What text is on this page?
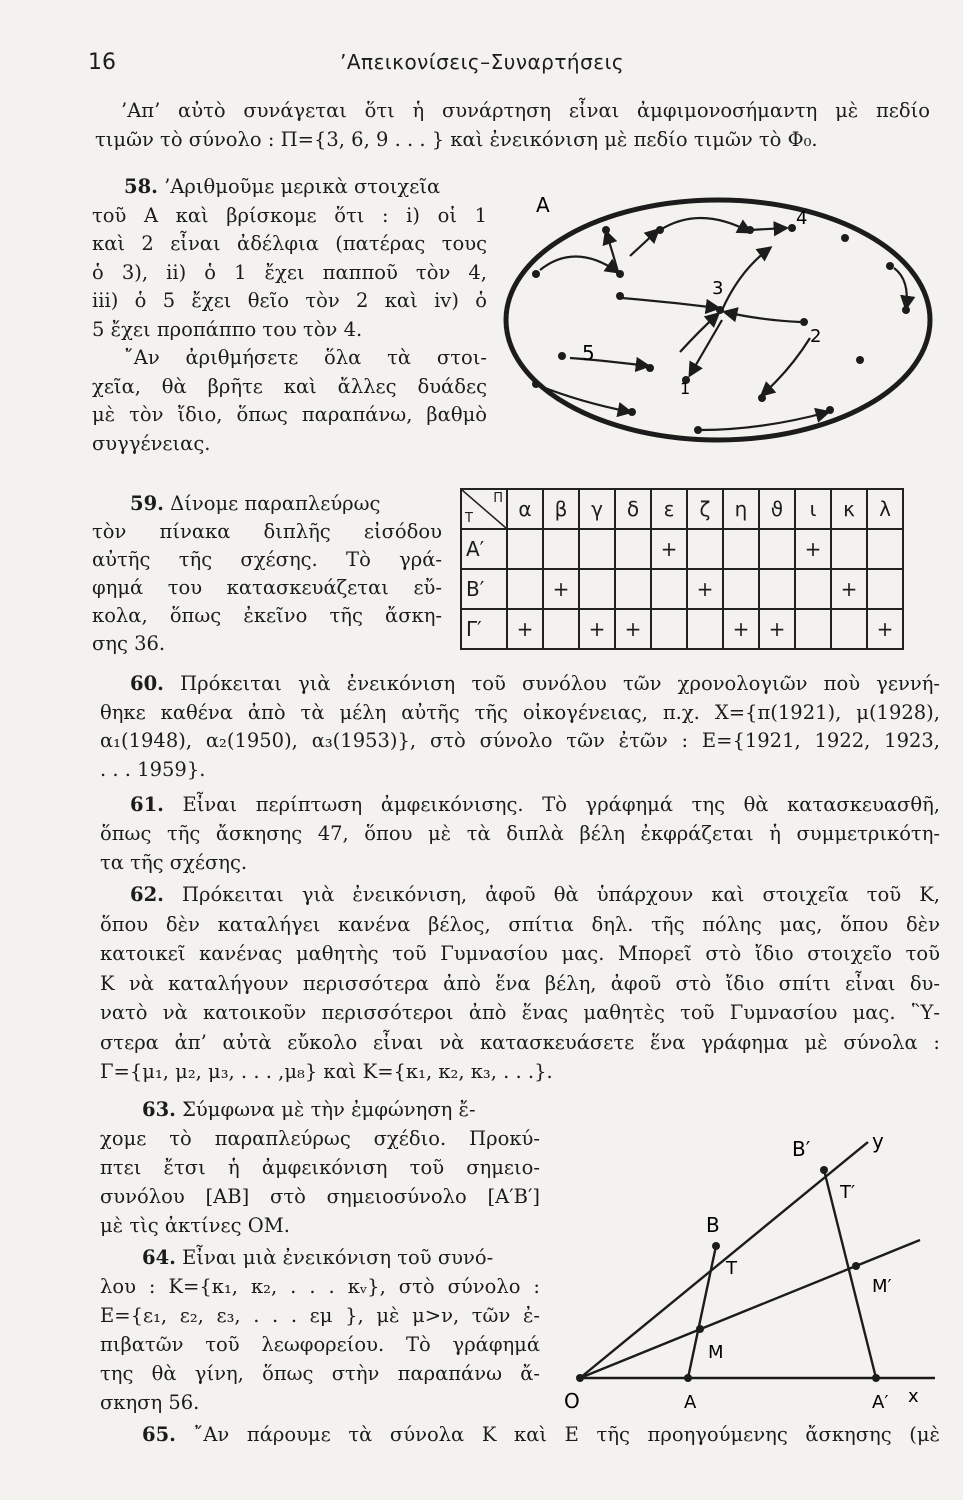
16	’Απεικονίσεις–Συναρτήσεις
’Απ’ αὐτὸ συνάγεται ὅτι ἡ συνάρτηση εἶναι ἀμφιμονοσήμαντη μὲ πεδίο
τιμῶν τὸ σύνολο : Π={3, 6, 9 . . . } καὶ ἐνεικόνιση μὲ πεδίο τιμῶν τὸ Φ₀.
58. ’Αριθμοῦμε μερικὰ στοιχεῖα
τοῦ Α καὶ βρίσκομε ὅτι : i) οἱ 1
καὶ 2 εἶναι ἀδέλφια (πατέρας τους
ὁ 3), ii) ὁ 1 ἔχει παπποῦ τὸν 4,
iii) ὁ 5 ἔχει θεῖο τὸν 2 καὶ iv) ὁ
5 ἔχει προπάππο του τὸν 4.
῎Αν ἀριθμήσετε ὅλα τὰ στοι-
χεῖα, θὰ βρῆτε καὶ ἄλλες δυάδες
μὲ τὸν ἴδιο, ὅπως παραπάνω, βαθμὸ
συγγένειας.
A
4
3
2
5
1
59. Δίνομε παραπλεύρως
τὸν πίνακα διπλῆς εἰσόδου
αὐτῆς τῆς σχέσης. Τὸ γρά-
φημά του κατασκευάζεται εὔ-
κολα, ὅπως ἐκεῖνο τῆς ἄσκη-
σης 36.
Π
Τ	α	β	γ	δ	ε	ζ	η	ϑ	ι	κ	λ
Α′					+				+		
Β′		+				+				+	
Γ′	+		+	+			+	+			+
60. Πρόκειται γιὰ ἐνεικόνιση τοῦ συνόλου τῶν χρονολογιῶν ποὺ γεννή-
θηκε καθένα ἀπὸ τὰ μέλη αὐτῆς τῆς οἰκογένειας, π.χ. Χ={π(1921), μ(1928),
α₁(1948), α₂(1950), α₃(1953)}, στὸ σύνολο τῶν ἐτῶν : Ε={1921, 1922, 1923,
. . . 1959}.
61. Εἶναι περίπτωση ἀμφεικόνισης. Τὸ γράφημά της θὰ κατασκευασθῆ,
ὅπως τῆς ἄσκησης 47, ὅπου μὲ τὰ διπλὰ βέλη ἐκφράζεται ἡ συμμετρικότη-
τα τῆς σχέσης.
62. Πρόκειται γιὰ ἐνεικόνιση, ἀφοῦ θὰ ὑπάρχουν καὶ στοιχεῖα τοῦ Κ,
ὅπου δὲν καταλήγει κανένα βέλος, σπίτια δηλ. τῆς πόλης μας, ὅπου δὲν
κατοικεῖ κανένας μαθητὴς τοῦ Γυμνασίου μας. Μπορεῖ στὸ ἴδιο στοιχεῖο τοῦ
Κ νὰ καταλήγουν περισσότερα ἀπὸ ἕνα βέλη, ἀφοῦ στὸ ἴδιο σπίτι εἶναι δυ-
νατὸ νὰ κατοικοῦν περισσότεροι ἀπὸ ἕνας μαθητὲς τοῦ Γυμνασίου μας. ῝Υ-
στερα ἀπ’ αὐτὰ εὔκολο εἶναι νὰ κατασκευάσετε ἕνα γράφημα μὲ σύνολα :
Γ={μ₁, μ₂, μ₃, . . . ,μ₈} καὶ Κ={κ₁, κ₂, κ₃, . . .}.
63. Σύμφωνα μὲ τὴν ἐμφώνηση ἔ-
χομε τὸ παραπλεύρως σχέδιο. Προκύ-
πτει ἔτσι ἡ ἀμφεικόνιση τοῦ σημειο-
συνόλου [ΑΒ] στὸ σημειοσύνολο [Α′Β′]
μὲ τὶς ἀκτίνες ΟΜ.
64. Εἶναι μιὰ ἐνεικόνιση τοῦ συνό-
λου : Κ={κ₁, κ₂, . . . κᵥ}, στὸ σύνολο :
Ε={ε₁, ε₂, ε₃, . . . εμ }, μὲ μ>ν, τῶν ἐ-
πιβατῶν τοῦ λεωφορείου. Τὸ γράφημά
της θὰ γίνη, ὅπως στὴν παραπάνω ἄ-
σκηση 56.
65. ῎Αν πάρουμε τὰ σύνολα Κ καὶ Ε τῆς προηγούμενης ἄσκησης (μὲ
O	A	A′ x
y
B
B′
T
T′
M
M′
